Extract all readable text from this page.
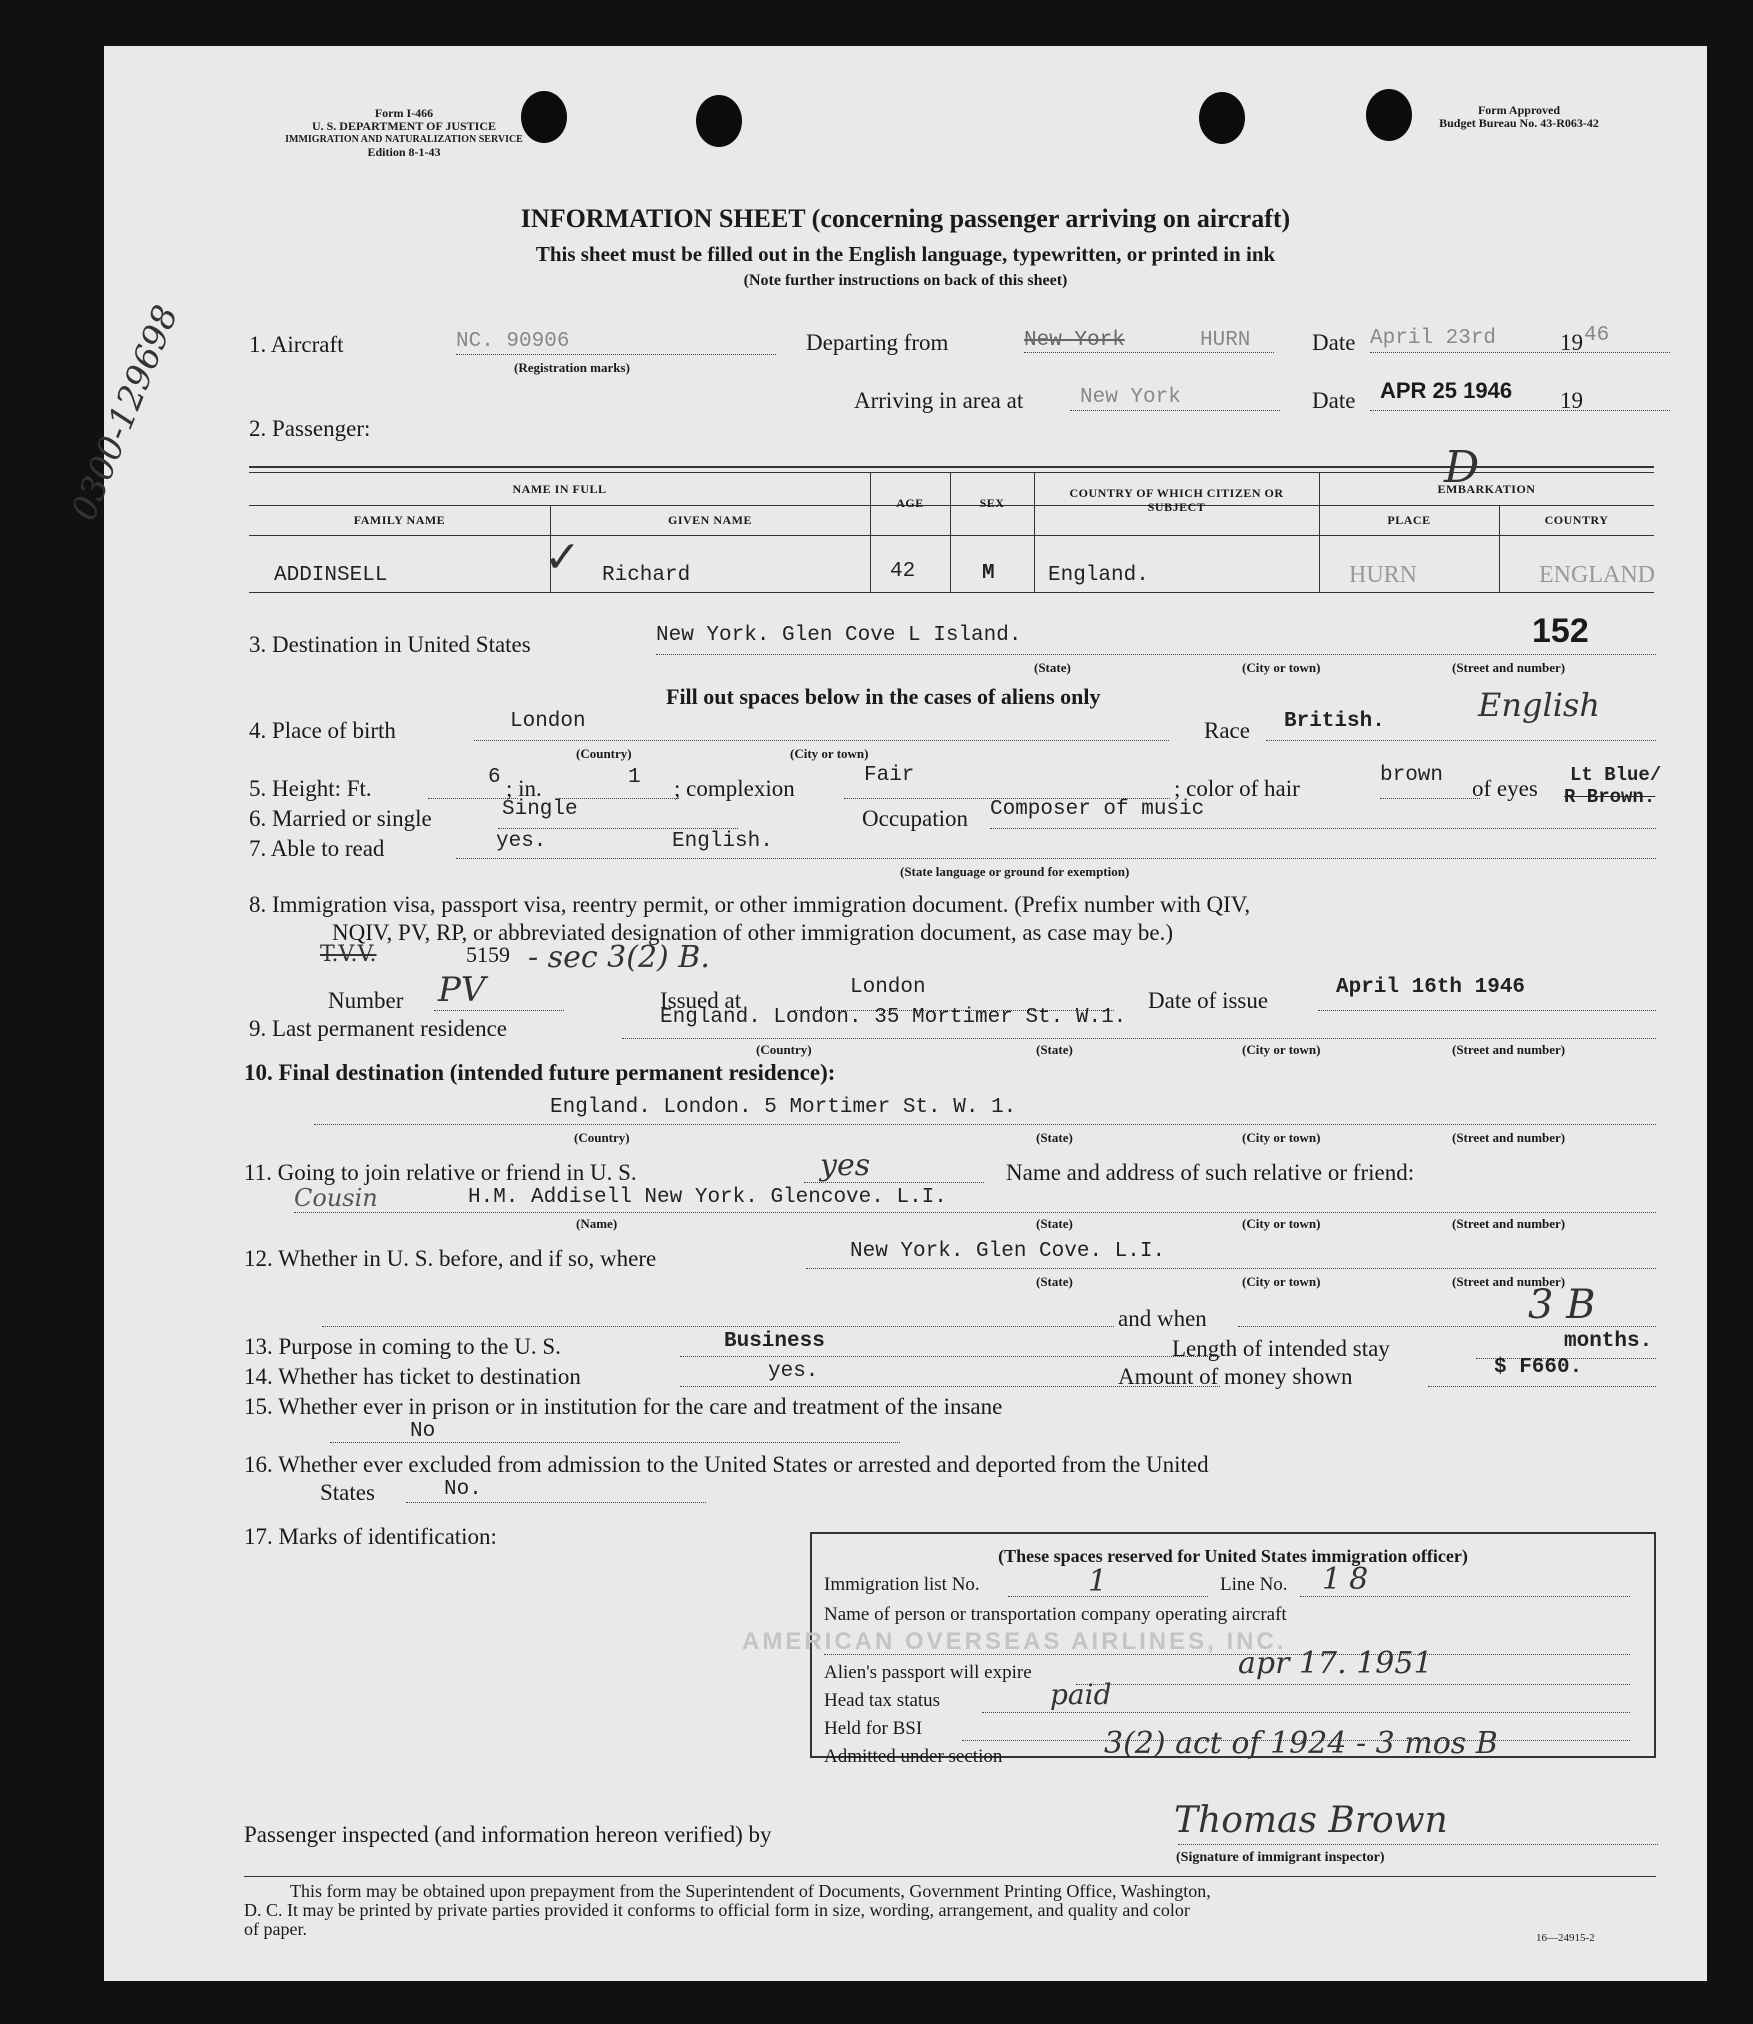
Form I-466
U. S. DEPARTMENT OF JUSTICE
IMMIGRATION AND NATURALIZATION SERVICE
Edition 8-1-43
Form Approved
Budget Bureau No. 43-R063-42
INFORMATION SHEET (concerning passenger arriving on aircraft)
This sheet must be filled out in the English language, typewritten, or printed in ink
(Note further instructions on back of this sheet)
0300-129698	1. Aircraft	NC. 90906
(Registration marks)
Departing from	New York	HURN	Date April 23rd	19 46
Arriving in area at	New York	Date APR 25 1946 19
2. Passenger:
NAME IN FULL
FAMILY NAME	GIVEN NAME
AGE	SEX
COUNTRY OF WHICH CITIZEN OR SUBJECT
EMBARKATION
D
PLACE	COUNTRY
ADDINSELL	✓ Richard	42	M	England.	HURN	ENGLAND
3. Destination in United States	New York. Glen Cove L Island.	152
(State)	(City or town)	(Street and number)
Fill out spaces below in the cases of aliens only
4. Place of birth	London
(Country)	(City or town)
Race British.	English
5. Height: Ft.	6 ; in.	1 ; complexion
Fair
; color of hair
brown
of eyes
Lt Blue/
R Brown.
6. Married or single	Single	Occupation Composer of music
7. Able to read	yes.	English.
(State language or ground for exemption)
8. Immigration visa, passport visa, reentry permit, or other immigration document. (Prefix number with QIV,
NQIV, PV, RP, or abbreviated designation of other immigration document, as case may be.)
T.V.V.	5159 - sec 3(2) B.
Number PV	Issued at
London
Date of issue
April 16th 1946
9. Last permanent residence	England. London. 35 Mortimer St. W.1.
(Country)	(State)	(City or town)	(Street and number)
10. Final destination (intended future permanent residence):
England. London. 5 Mortimer St. W. 1.
(Country)	(State)	(City or town)	(Street and number)
11. Going to join relative or friend in U. S.	yes	Name and address of such relative or friend:
Cousin	H.M. Addisell New York. Glencove. L.I.
(Name)	(State)	(City or town)	(Street and number)
12. Whether in U. S. before, and if so, where	New York. Glen Cove. L.I.
(State)	(City or town)	(Street and number)
and when	3 B
13. Purpose in coming to the U. S.	Business	Length of intended stay	months.
14. Whether has ticket to destination	yes.	Amount of money shown	$ F660.
15. Whether ever in prison or in institution for the care and treatment of the insane
No
16. Whether ever excluded from admission to the United States or arrested and deported from the United
States	No.
17. Marks of identification:
(These spaces reserved for United States immigration officer)
Immigration list No.	1	Line No. 18
Name of person or transportation company operating aircraft
AMERICAN OVERSEAS AIRLINES, INC.
Alien's passport will expire	apr 17. 1951
Head tax status	paid
Held for BSI
Admitted under section	3(2) act of 1924 - 3 mos B
Passenger inspected (and information hereon verified) by	Thomas Brown
(Signature of immigrant inspector)
This form may be obtained upon prepayment from the Superintendent of Documents, Government Printing Office, Washington,
D. C. It may be printed by private parties provided it conforms to official form in size, wording, arrangement, and quality and color
of paper.	16—24915-2
